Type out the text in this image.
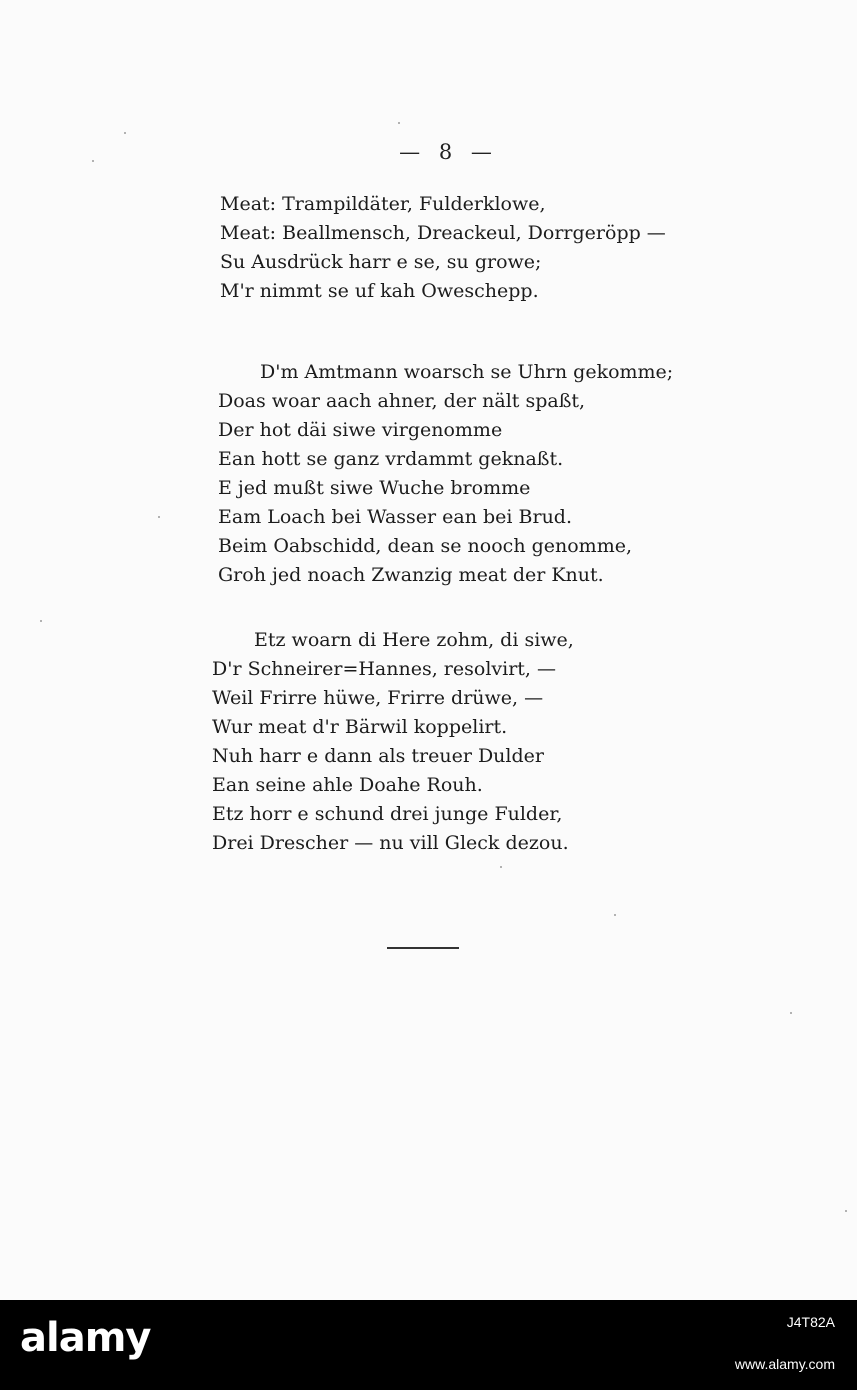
— 8 —
Meat: Trampildäter, Fulderklowe,
Meat: Beallmensch, Dreackeul, Dorrgeröpp —
Su Ausdrück harr e se, su growe;
M'r nimmt se uf kah Owesch​epp.
D'm Amtmann woarsch se Uhrn gekomme;
Doas woar aach ahner, der nält spaßt,
Der hot däi siwe virgenomme
Ean hott se ganz vrdammt geknaßt.
E jed mußt siwe Wuche bromme
Eam Loach bei Wasser ean bei Brud.
Beim Oabschidd, dean se nooch genomme,
Groh jed noach Zwanzig meat der Knut.
Etz woarn di Here zohm, di siwe,
D'r Schneirer=Hannes, resolvirt, —
Weil Frirre hüwe, Frirre drüwe, —
Wur meat d'r Bärwil koppelirt.
Nuh harr e dann als treuer Dulder
Ean seine ahle Doahe Rouh.
Etz horr e schund drei junge Fulder,
Drei Drescher — nu vill Gleck dezou.
alamy	J4T82A
www.alamy.com
